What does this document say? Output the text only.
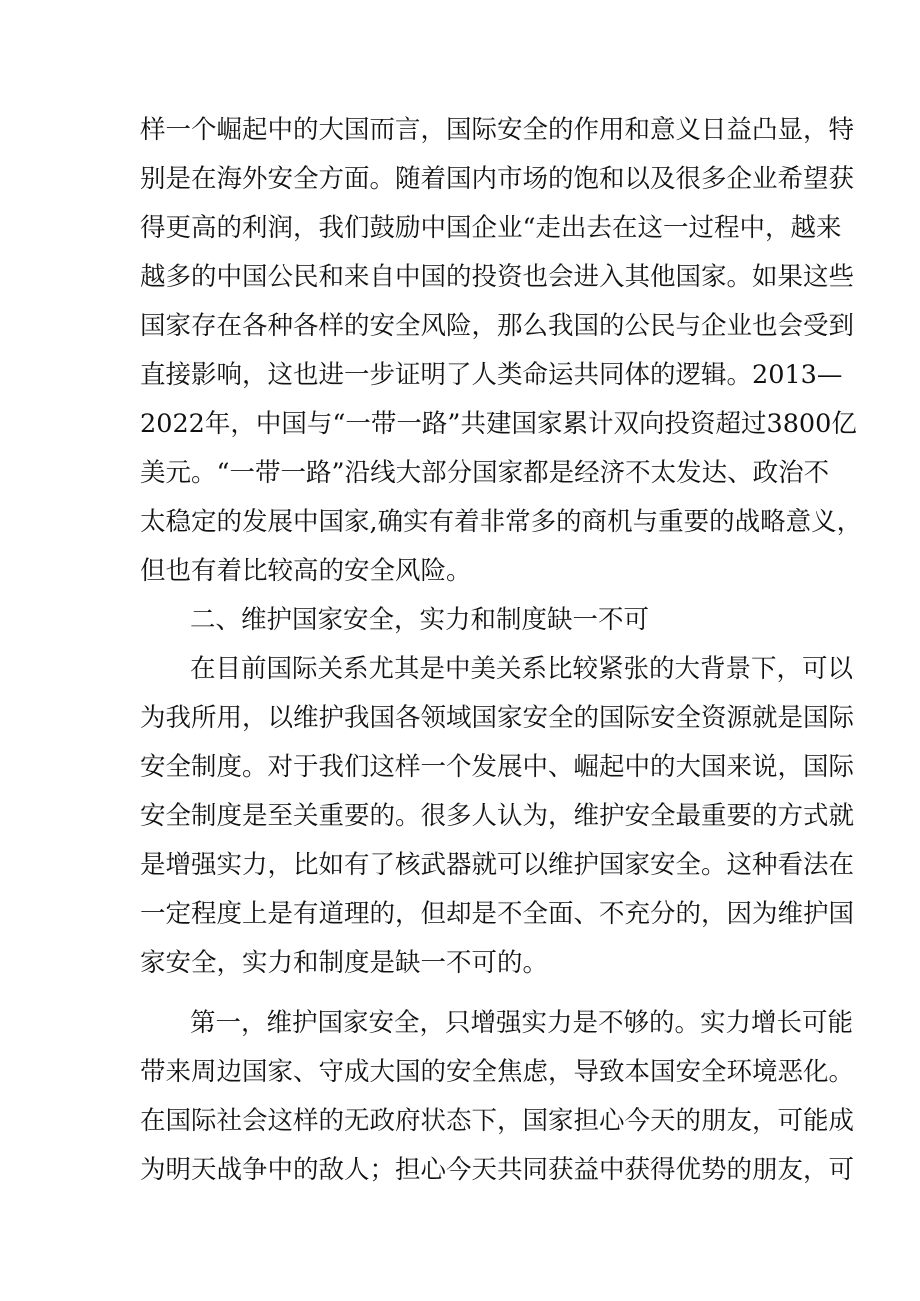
样一个崛起中的大国而言，国际安全的作用和意义日益凸显，特
别是在海外安全方面。随着国内市场的饱和以及很多企业希望获
得更高的利润，我们鼓励中国企业“走出去在这一过程中，越来
越多的中国公民和来自中国的投资也会进入其他国家。如果这些
国家存在各种各样的安全风险，那么我国的公民与企业也会受到
直接影响，这也进一步证明了人类命运共同体的逻辑。2013—
2022年，中国与“一带一路”共建国家累计双向投资超过3800亿
美元。“一带一路”沿线大部分国家都是经济不太发达、政治不
太稳定的发展中国家,确实有着非常多的商机与重要的战略意义，
但也有着比较高的安全风险。
二、维护国家安全，实力和制度缺一不可
在目前国际关系尤其是中美关系比较紧张的大背景下，可以
为我所用，以维护我国各领域国家安全的国际安全资源就是国际
安全制度。对于我们这样一个发展中、崛起中的大国来说，国际
安全制度是至关重要的。很多人认为，维护安全最重要的方式就
是增强实力，比如有了核武器就可以维护国家安全。这种看法在
一定程度上是有道理的，但却是不全面、不充分的，因为维护国
家安全，实力和制度是缺一不可的。
第一，维护国家安全，只增强实力是不够的。实力增长可能
带来周边国家、守成大国的安全焦虑，导致本国安全环境恶化。
在国际社会这样的无政府状态下，国家担心今天的朋友，可能成
为明天战争中的敌人；担心今天共同获益中获得优势的朋友，可
